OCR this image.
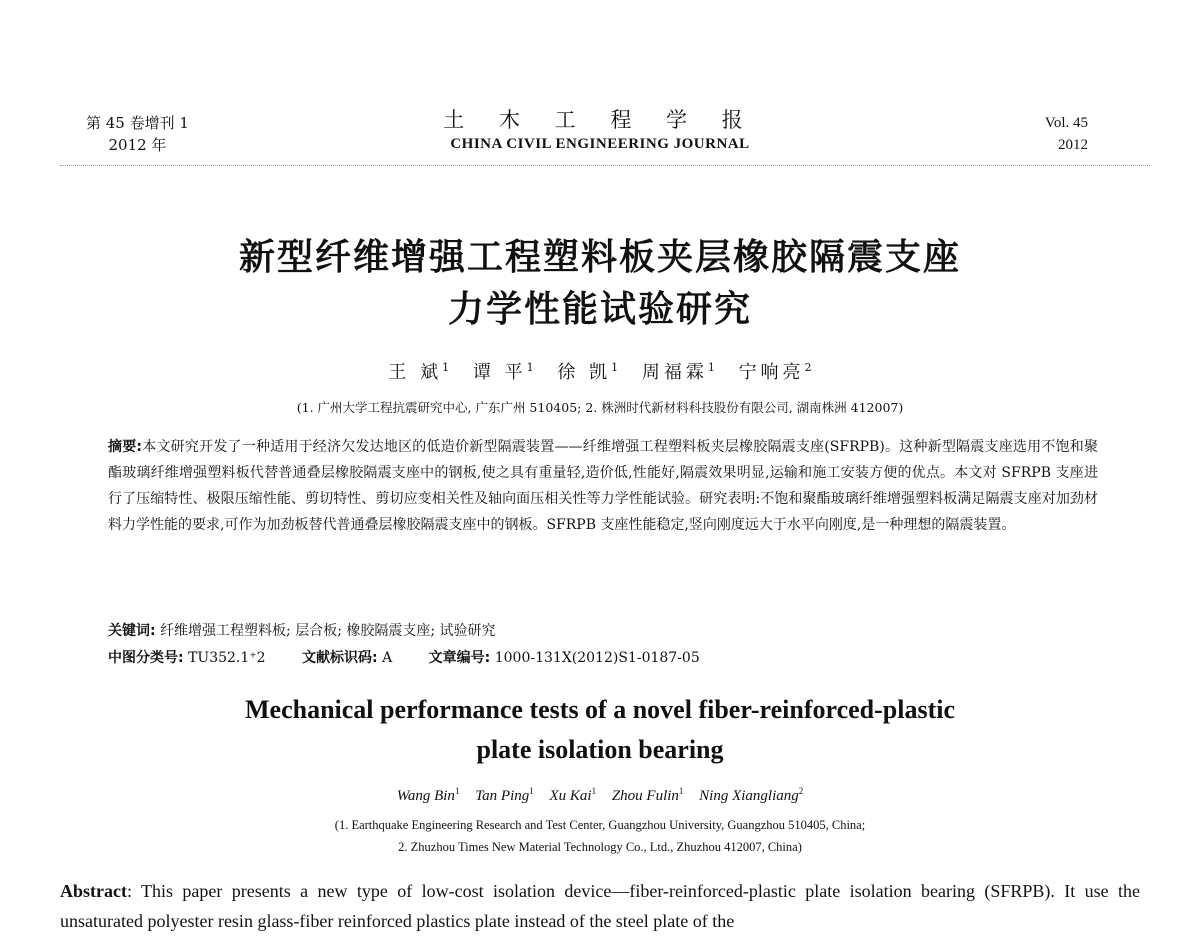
第 45 卷增刊 1
2012 年
土 木 工 程 学 报
CHINA CIVIL ENGINEERING JOURNAL
Vol. 45
2012
新型纤维增强工程塑料板夹层橡胶隔震支座
力学性能试验研究
王 斌$^1$ 谭 平$^1$ 徐 凯$^1$ 周福霖$^1$ 宁响亮$^2$
(1. 广州大学工程抗震研究中心, 广东广州 510405; 2. 株洲时代新材料科技股份有限公司, 湖南株洲 412007)
摘要:本文研究开发了一种适用于经济欠发达地区的低造价新型隔震装置——纤维增强工程塑料板夹层橡胶隔震支座(SFRPB)。这种新型隔震支座选用不饱和聚酯玻璃纤维增强塑料板代替普通叠层橡胶隔震支座中的钢板,使之具有重量轻,造价低,性能好,隔震效果明显,运输和施工安装方便的优点。本文对 SFRPB 支座进行了压缩特性、极限压缩性能、剪切特性、剪切应变相关性及轴向面压相关性等力学性能试验。研究表明:不饱和聚酯玻璃纤维增强塑料板满足隔震支座对加劲材料力学性能的要求,可作为加劲板替代普通叠层橡胶隔震支座中的钢板。SFRPB 支座性能稳定,竖向刚度远大于水平向刚度,是一种理想的隔震装置。
关键词: 纤维增强工程塑料板; 层合板; 橡胶隔震支座; 试验研究
中图分类号: TU352.1⁺2	文献标识码: A	文章编号: 1000-131X(2012)S1-0187-05
Mechanical performance tests of a novel fiber-reinforced-plastic
plate isolation bearing
Wang Bin$^1$ Tan Ping$^1$ Xu Kai$^1$ Zhou Fulin$^1$ Ning Xiangliang$^2$
(1. Earthquake Engineering Research and Test Center, Guangzhou University, Guangzhou 510405, China;
2. Zhuzhou Times New Material Technology Co., Ltd., Zhuzhou 412007, China)
Abstract: This paper presents a new type of low-cost isolation device—fiber-reinforced-plastic plate isolation bearing (SFRPB). It use the unsaturated polyester resin glass-fiber reinforced plastics plate instead of the steel plate of the
